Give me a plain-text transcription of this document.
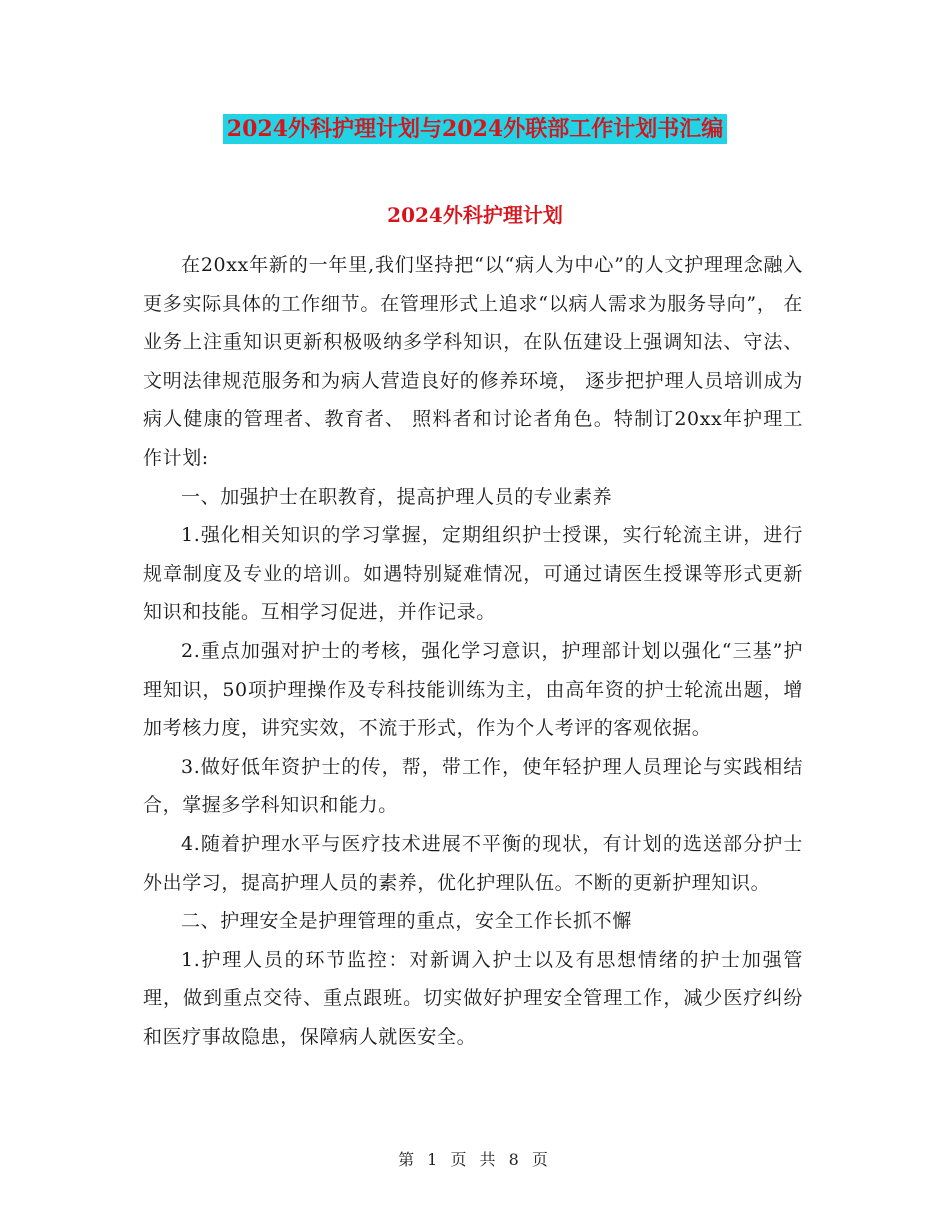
2024外科护理计划与2024外联部工作计划书汇编
2024外科护理计划

在20xx年新的一年里,我们坚持把“以“病人为中心”的人文护理理念融入更多实际具体的工作细节。在管理形式上追求“以病人需求为服务导向”， 在业务上注重知识更新积极吸纳多学科知识，在队伍建设上强调知法、守法、文明法律规范服务和为病人营造良好的修养环境， 逐步把护理人员培训成为病人健康的管理者、教育者、 照料者和讨论者角色。特制订20xx年护理工作计划:

一、加强护士在职教育，提高护理人员的专业素养

1.强化相关知识的学习掌握，定期组织护士授课，实行轮流主讲，进行规章制度及专业的培训。如遇特别疑难情况，可通过请医生授课等形式更新知识和技能。互相学习促进，并作记录。

2.重点加强对护士的考核，强化学习意识，护理部计划以强化“三基”护理知识，50项护理操作及专科技能训练为主，由高年资的护士轮流出题，增加考核力度，讲究实效，不流于形式，作为个人考评的客观依据。

3.做好低年资护士的传，帮，带工作，使年轻护理人员理论与实践相结合，掌握多学科知识和能力。

4.随着护理水平与医疗技术进展不平衡的现状，有计划的选送部分护士外出学习，提高护理人员的素养，优化护理队伍。不断的更新护理知识。

二、护理安全是护理管理的重点，安全工作长抓不懈

1.护理人员的环节监控：对新调入护士以及有思想情绪的护士加强管理，做到重点交待、重点跟班。切实做好护理安全管理工作，减少医疗纠纷和医疗事故隐患，保障病人就医安全。

第 1 页 共 8 页
